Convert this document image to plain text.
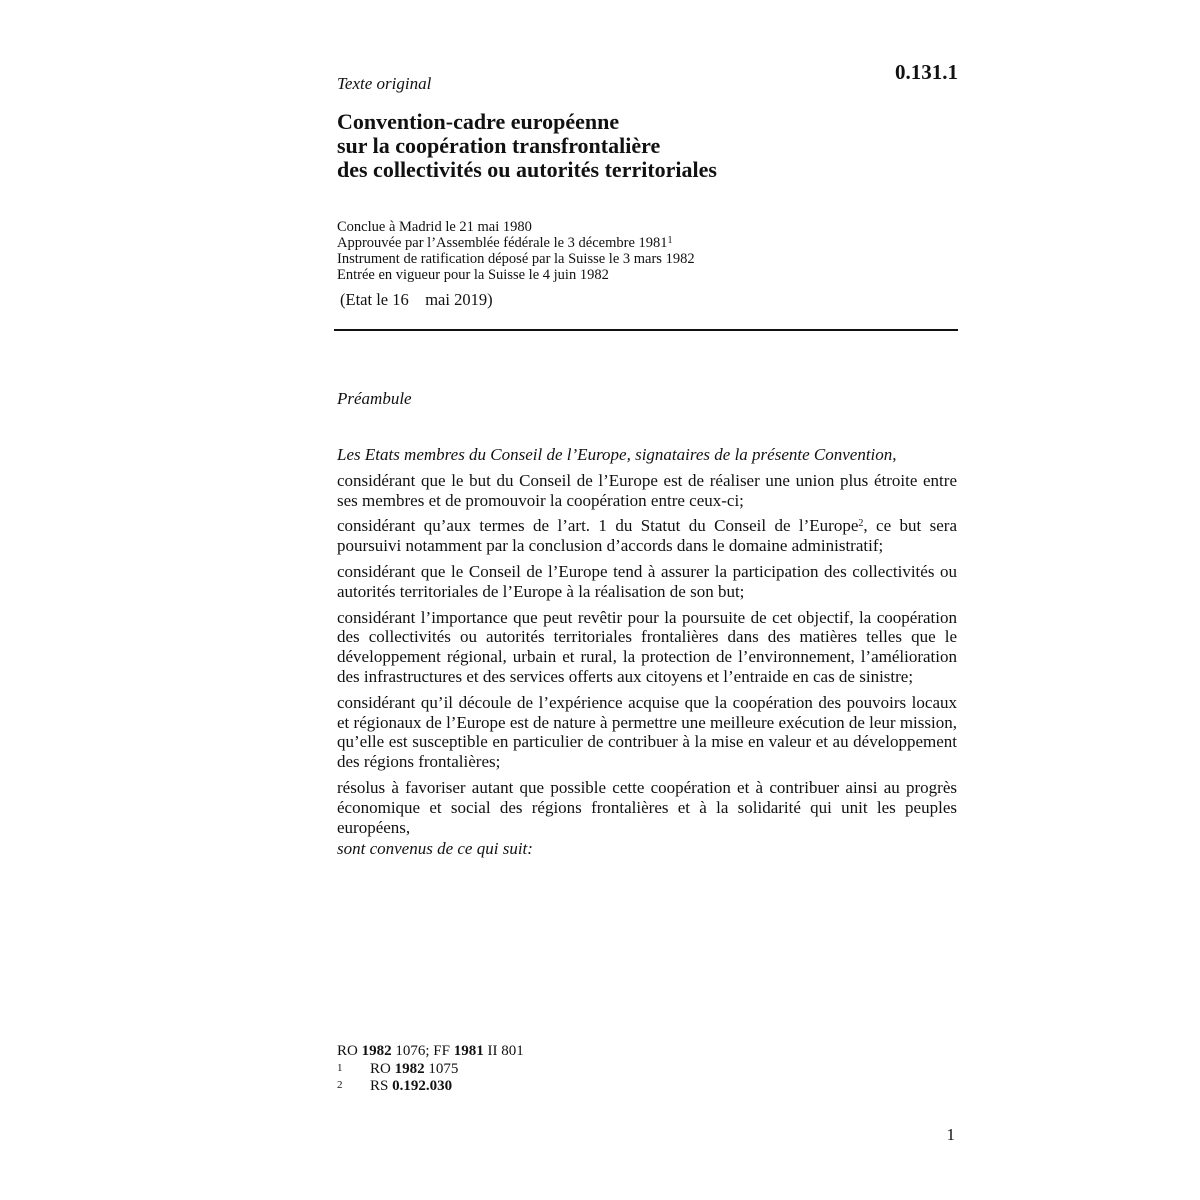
Texte original	0.131.1
Convention-cadre européenne
sur la coopération transfrontalière
des collectivités ou autorités territoriales
Conclue à Madrid le 21 mai 1980
Approuvée par l’Assemblée fédérale le 3 décembre 1981$^1$
Instrument de ratification déposé par la Suisse le 3 mars 1982
Entrée en vigueur pour la Suisse le 4 juin 1982
(Etat le 16    mai 2019)
Préambule
Les Etats membres du Conseil de l’Europe, signataires de la présente Convention,
considérant que le but du Conseil de l’Europe est de réaliser une union plus étroite entre ses membres et de promouvoir la coopération entre ceux-ci;
considérant qu’aux termes de l’art. 1 du Statut du Conseil de l’Europe$^2$, ce but sera poursuivi notamment par la conclusion d’accords dans le domaine administratif;
considérant que le Conseil de l’Europe tend à assurer la participation des collectivités ou autorités territoriales de l’Europe à la réalisation de son but;
considérant l’importance que peut revêtir pour la poursuite de cet objectif, la coopération des collectivités ou autorités territoriales frontalières dans des matières telles que le développement régional, urbain et rural, la protection de l’environnement, l’amélioration des infrastructures et des services offerts aux citoyens et l’entraide en cas de sinistre;
considérant qu’il découle de l’expérience acquise que la coopération des pouvoirs locaux et régionaux de l’Europe est de nature à permettre une meilleure exécution de leur mission, qu’elle est susceptible en particulier de contribuer à la mise en valeur et au développement des régions frontalières;
résolus à favoriser autant que possible cette coopération et à contribuer ainsi au progrès économique et social des régions frontalières et à la solidarité qui unit les peuples européens,
sont convenus de ce qui suit:
RO 1982 1076; FF 1981 II 801
1 RO 1982 1075
2 RS 0.192.030
1
